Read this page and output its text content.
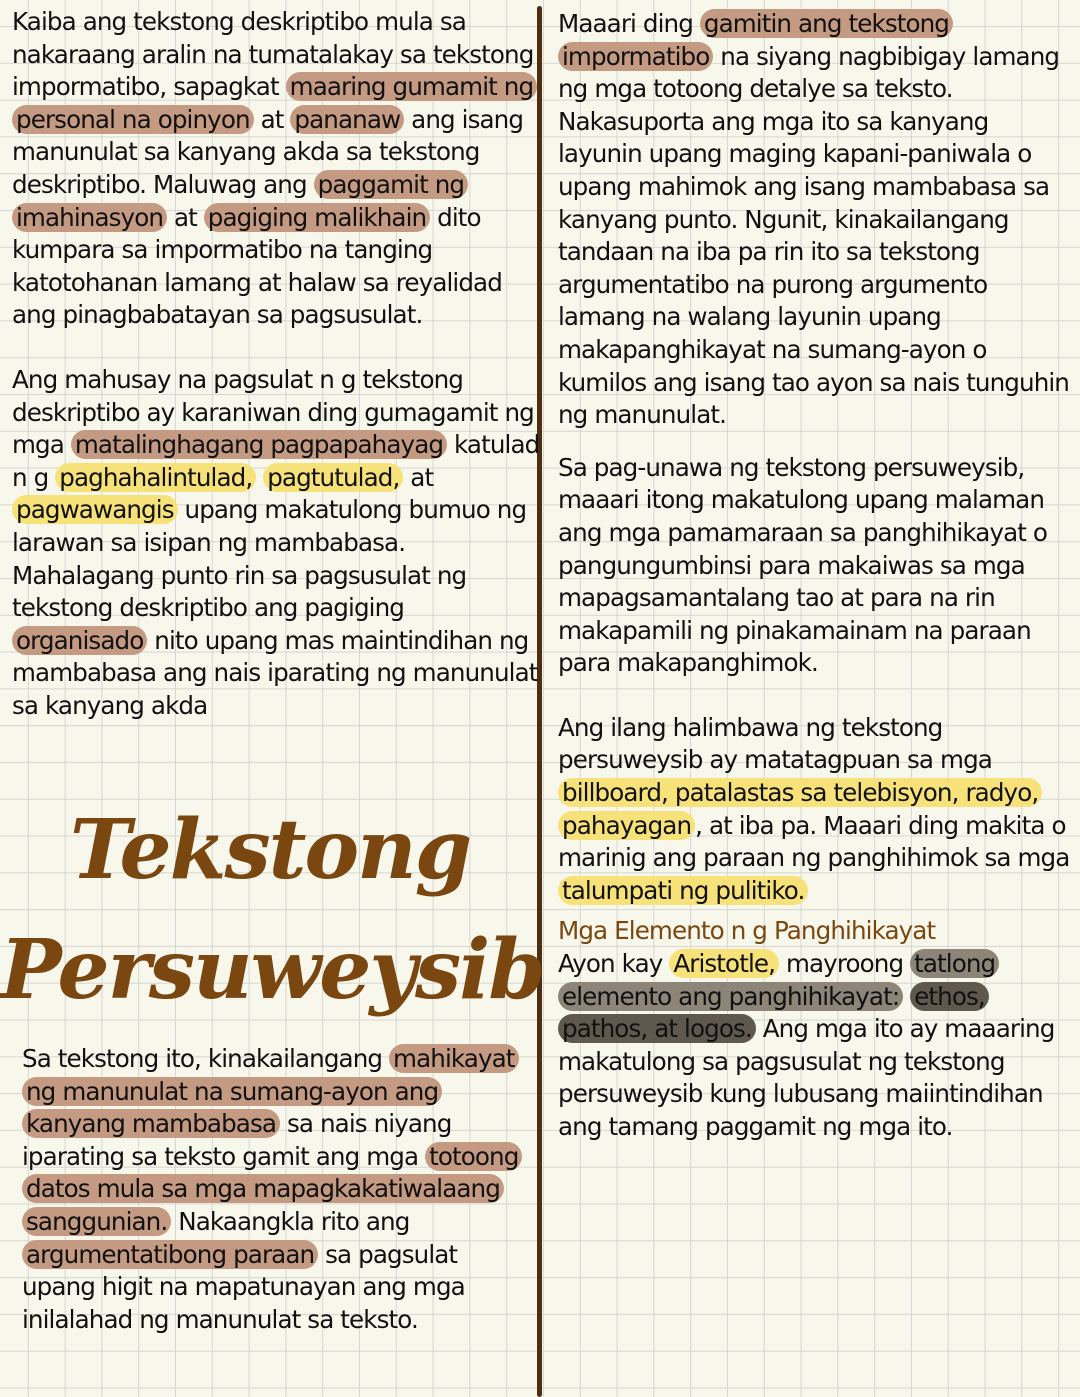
Kaiba ang tekstong deskriptibo mula sa nakaraang aralin na tumatalakay sa tekstong impormatibo, sapagkat maaring gumamit ng personal na opinyon at pananaw ang isang manunulat sa kanyang akda sa tekstong deskriptibo. Maluwag ang paggamit ng imahinasyon at pagiging malikhain dito kumpara sa impormatibo na tanging katotohanan lamang at halaw sa reyalidad ang pinagbabatayan sa pagsusulat.

Ang mahusay na pagsulat n g tekstong deskriptibo ay karaniwan ding gumagamit ng mga matalinghagang pagpapahayag katulad n g paghahalintulad, pagtutulad, at pagwawangis upang makatulong bumuo ng larawan sa isipan ng mambabasa. Mahalagang punto rin sa pagsusulat ng tekstong deskriptibo ang pagiging organisado nito upang mas maintindihan ng mambabasa ang nais iparating ng manunulat sa kanyang akda

Tekstong
Persuweysib

Sa tekstong ito, kinakailangang mahikayat ng manunulat na sumang-ayon ang kanyang mambabasa sa nais niyang iparating sa teksto gamit ang mga totoong datos mula sa mga mapagkakatiwalaang sanggunian. Nakaangkla rito ang argumentatibong paraan sa pagsulat upang higit na mapatunayan ang mga inilalahad ng manunulat sa teksto.

Maaari ding gamitin ang tekstong impormatibo na siyang nagbibigay lamang ng mga totoong detalye sa teksto. Nakasuporta ang mga ito sa kanyang layunin upang maging kapani-paniwala o upang mahimok ang isang mambabasa sa kanyang punto. Ngunit, kinakailangang tandaan na iba pa rin ito sa tekstong argumentatibo na purong argumento lamang na walang layunin upang makapanghikayat na sumang-ayon o kumilos ang isang tao ayon sa nais tunguhin ng manunulat.

Sa pag-unawa ng tekstong persuweysib, maaari itong makatulong upang malaman ang mga pamamaraan sa panghihikayat o pangungumbinsi para makaiwas sa mga mapagsamantalang tao at para na rin makapamili ng pinakamainam na paraan para makapanghimok.

Ang ilang halimbawa ng tekstong persuweysib ay matatagpuan sa mga billboard, patalastas sa telebisyon, radyo, pahayagan , at iba pa. Maaari ding makita o marinig ang paraan ng panghihimok sa mga talumpati ng pulitiko.

Mga Elemento n g Panghihikayat

Ayon kay Aristotle, mayroong tatlong elemento ang panghihikayat: ethos, pathos, at logos. Ang mga ito ay maaaring makatulong sa pagsusulat ng tekstong persuweysib kung lubusang maiintindihan ang tamang paggamit ng mga ito.
